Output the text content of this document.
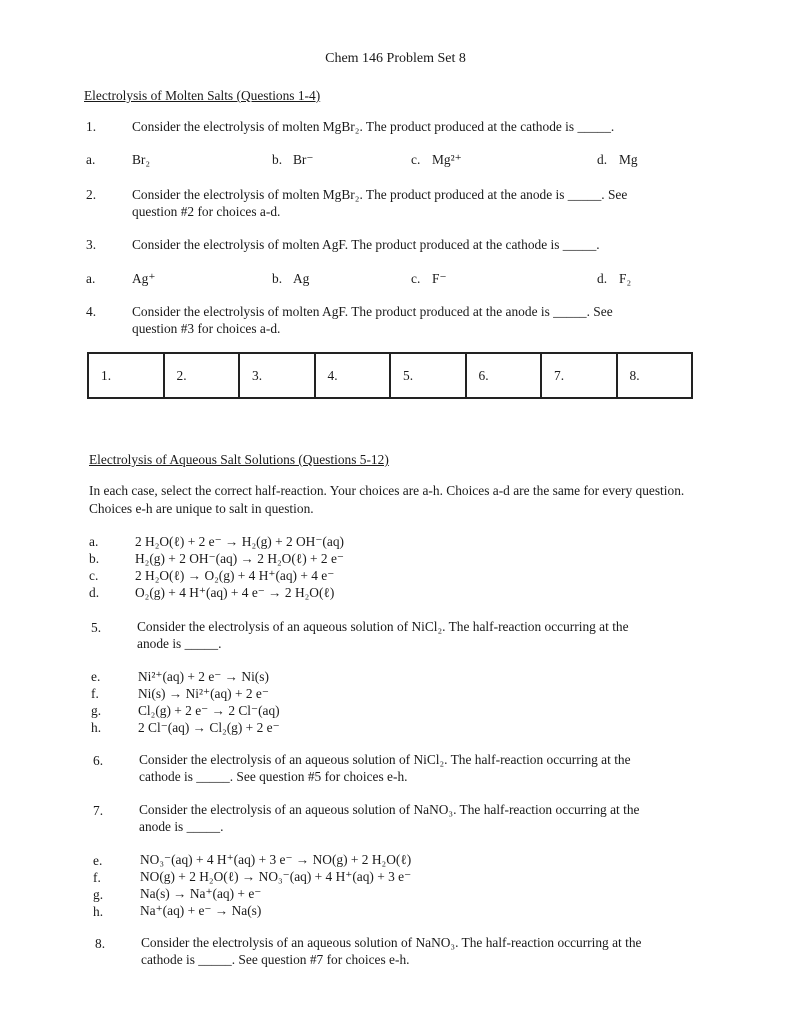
Chem 146 Problem Set 8
Electrolysis of Molten Salts (Questions 1-4)
1.	Consider the electrolysis of molten MgBr₂. The product produced at the cathode is _____.
a.	Br₂	b. Br⁻	c. Mg²⁺	d. Mg
2.	Consider the electrolysis of molten MgBr₂. The product produced at the anode is _____. See
question #2 for choices a-d.
3.	Consider the electrolysis of molten AgF. The product produced at the cathode is _____.
a.	Ag⁺	b. Ag	c. F⁻	d. F₂
4.	Consider the electrolysis of molten AgF. The product produced at the anode is _____. See
question #3 for choices a-d.
1.	2.	3.	4.	5.	6.	7.	8.
Electrolysis of Aqueous Salt Solutions (Questions 5-12)
In each case, select the correct half-reaction. Your choices are a-h. Choices a-d are the same for every question. Choices e-h are unique to salt in question.
a.	2 H₂O(ℓ) + 2 e⁻ → H₂(g) + 2 OH⁻(aq)
b.	H₂(g) + 2 OH⁻(aq) → 2 H₂O(ℓ) + 2 e⁻
c.	2 H₂O(ℓ) → O₂(g) + 4 H⁺(aq) + 4 e⁻
d.	O₂(g) + 4 H⁺(aq) + 4 e⁻ → 2 H₂O(ℓ)
5.	Consider the electrolysis of an aqueous solution of NiCl₂. The half-reaction occurring at the
anode is _____.
e.	Ni²⁺(aq) + 2 e⁻ → Ni(s)
f.	Ni(s) → Ni²⁺(aq) + 2 e⁻
g.	Cl₂(g) + 2 e⁻ → 2 Cl⁻(aq)
h.	2 Cl⁻(aq) → Cl₂(g) + 2 e⁻
6.	Consider the electrolysis of an aqueous solution of NiCl₂. The half-reaction occurring at the
cathode is _____. See question #5 for choices e-h.
7.	Consider the electrolysis of an aqueous solution of NaNO₃. The half-reaction occurring at the
anode is _____.
e.	NO₃⁻(aq) + 4 H⁺(aq) + 3 e⁻ → NO(g) + 2 H₂O(ℓ)
f.	NO(g) + 2 H₂O(ℓ) → NO₃⁻(aq) + 4 H⁺(aq) + 3 e⁻
g.	Na(s) → Na⁺(aq) + e⁻
h.	Na⁺(aq) + e⁻ → Na(s)
8.	Consider the electrolysis of an aqueous solution of NaNO₃. The half-reaction occurring at the
cathode is _____. See question #7 for choices e-h.
